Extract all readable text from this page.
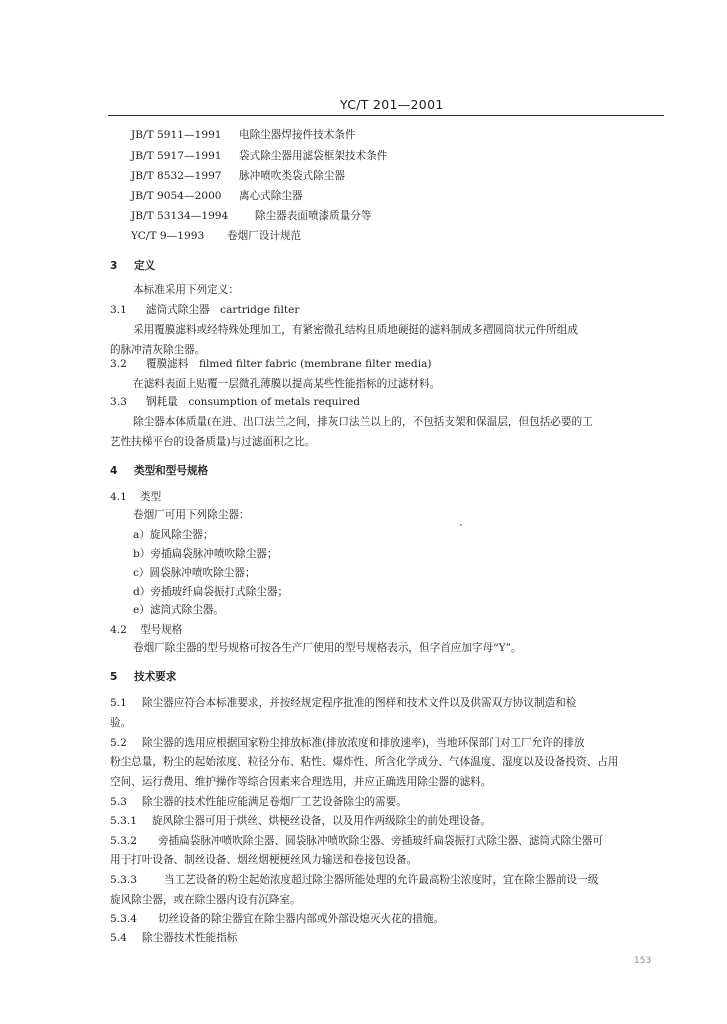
YC/T 201—2001
JB/T 5911—1991 电除尘器焊接件技术条件
JB/T 5917—1991 袋式除尘器用滤袋框架技术条件
JB/T 8532—1997 脉冲喷吹类袋式除尘器
JB/T 9054—2000 离心式除尘器
JB/T 53134—1994	除尘器表面喷漆质量分等
YC/T 9—1993 卷烟厂设计规范
3 定义
本标准采用下列定义：
3.1 滤筒式除尘器　cartridge filter
采用覆膜滤料或经特殊处理加工，有紧密微孔结构且质地硬挺的滤料制成多褶圆筒状元件所组成
的脉冲清灰除尘器。
3.2 覆膜滤料　filmed filter fabric (membrane filter media)
在滤料表面上贴覆一层微孔薄膜以提高某些性能指标的过滤材料。
3.3 钢耗量　consumption of metals required
除尘器本体质量(在进、出口法兰之间，排灰口法兰以上的，不包括支架和保温层，但包括必要的工
艺性扶梯平台的设备质量)与过滤面积之比。
4 类型和型号规格
4.1 类型
卷烟厂可用下列除尘器：
a）旋风除尘器；
b）旁插扁袋脉冲喷吹除尘器；
c）圆袋脉冲喷吹除尘器；
d）旁插玻纤扁袋振打式除尘器；
e）滤筒式除尘器。
4.2 型号规格
卷烟厂除尘器的型号规格可按各生产厂使用的型号规格表示，但字首应加字母“Y”。
5 技术要求
5.1 除尘器应符合本标准要求，并按经规定程序批准的图样和技术文件以及供需双方协议制造和检
验。
5.2 除尘器的选用应根据国家粉尘排放标准(排放浓度和排放速率)，当地环保部门对工厂允许的排放
粉尘总量，粉尘的起始浓度、粒径分布、粘性、爆炸性、所含化学成分、气体温度、湿度以及设备投资、占用
空间、运行费用、维护操作等综合因素来合理选用，并应正确选用除尘器的滤料。
5.3 除尘器的技术性能应能满足卷烟厂工艺设备除尘的需要。
5.3.1 旋风除尘器可用于烘丝、烘梗丝设备，以及用作两级除尘的前处理设备。
5.3.2 旁插扁袋脉冲喷吹除尘器、圆袋脉冲喷吹除尘器、旁插玻纤扁袋振打式除尘器、滤筒式除尘器可
用于打叶设备、制丝设备、烟丝烟梗梗丝风力输送和卷接包设备。
5.3.3	当工艺设备的粉尘起始浓度超过除尘器所能处理的允许最高粉尘浓度时，宜在除尘器前设一级
旋风除尘器，或在除尘器内设有沉降室。
5.3.4 切丝设备的除尘器宜在除尘器内部或外部设熄灭火花的措施。
5.4 除尘器技术性能指标
153
